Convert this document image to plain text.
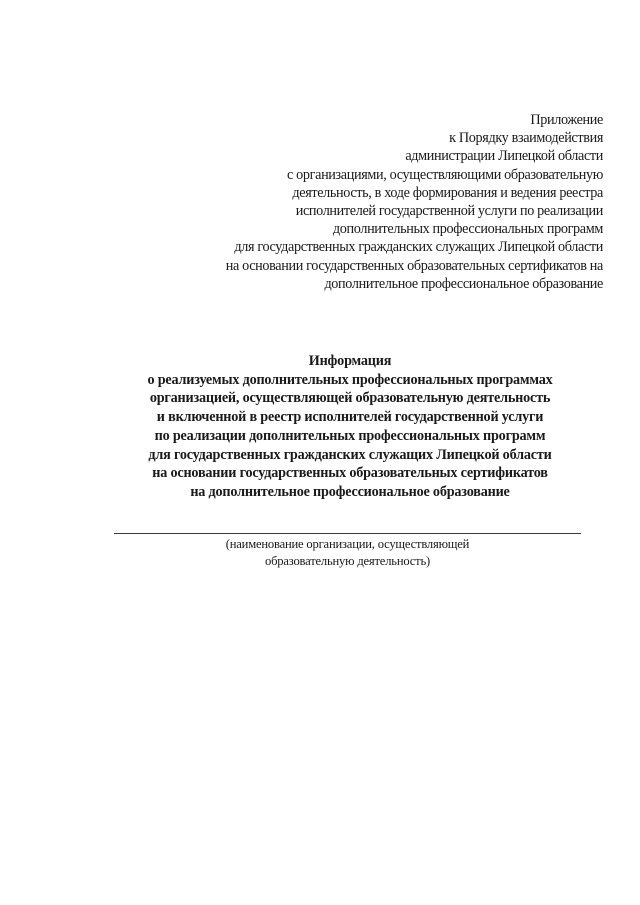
Приложение
к Порядку взаимодействия
администрации Липецкой области
с организациями, осуществляющими образовательную
деятельность, в ходе формирования и ведения реестра
исполнителей государственной услуги по реализации
дополнительных профессиональных программ
для государственных гражданских служащих Липецкой области
на основании государственных образовательных сертификатов на
дополнительное профессиональное образование
Информация
о реализуемых дополнительных профессиональных программах
организацией, осуществляющей образовательную деятельность
и включенной в реестр исполнителей государственной услуги
по реализации дополнительных профессиональных программ
для государственных гражданских служащих Липецкой области
на основании государственных образовательных сертификатов
на дополнительное профессиональное образование
(наименование организации, осуществляющей
образовательную деятельность)
